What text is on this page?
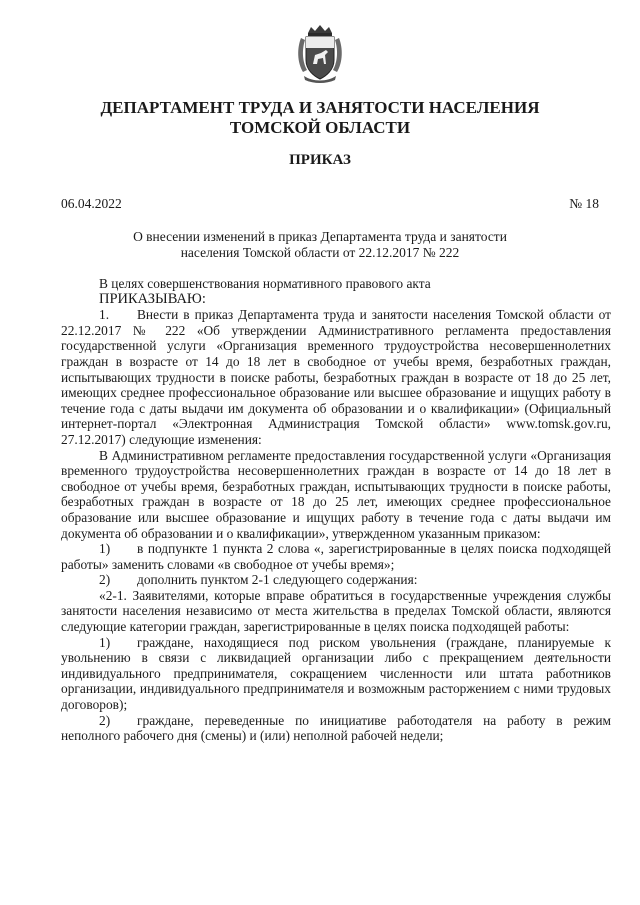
ДЕПАРТАМЕНТ ТРУДА И ЗАНЯТОСТИ НАСЕЛЕНИЯ
ТОМСКОЙ ОБЛАСТИ
ПРИКАЗ
06.04.2022	№ 18
О внесении изменений в приказ Департамента труда и занятости
населения Томской области от 22.12.2017 № 222

В целях совершенствования нормативного правового акта

ПРИКАЗЫВАЮ:

1. Внести в приказ Департамента труда и занятости населения Томской области от 22.12.2017 № 222 «Об утверждении Административного регламента предоставления государственной услуги «Организация временного трудоустройства несовершеннолетних граждан в возрасте от 14 до 18 лет в свободное от учебы время, безработных граждан, испытывающих трудности в поиске работы, безработных граждан в возрасте от 18 до 25 лет, имеющих среднее профессиональное образование или высшее образование и ищущих работу в течение года с даты выдачи им документа об образовании и о квалификации» (Официальный интернет-портал «Электронная Администрация Томской области» www.tomsk.gov.ru, 27.12.2017) следующие изменения:

В Административном регламенте предоставления государственной услуги «Организация временного трудоустройства несовершеннолетних граждан в возрасте от 14 до 18 лет в свободное от учебы время, безработных граждан, испытывающих трудности в поиске работы, безработных граждан в возрасте от 18 до 25 лет, имеющих среднее профессиональное образование или высшее образование и ищущих работу в течение года с даты выдачи им документа об образовании и о квалификации», утвержденном указанным приказом:

1) в подпункте 1 пункта 2 слова «, зарегистрированные в целях поиска подходящей работы» заменить словами «в свободное от учебы время»;

2) дополнить пунктом 2-1 следующего содержания:

«2-1. Заявителями, которые вправе обратиться в государственные учреждения службы занятости населения независимо от места жительства в пределах Томской области, являются следующие категории граждан, зарегистрированные в целях поиска подходящей работы:

1) граждане, находящиеся под риском увольнения (граждане, планируемые к увольнению в связи с ликвидацией организации либо с прекращением деятельности индивидуального предпринимателя, сокращением численности или штата работников организации, индивидуального предпринимателя и возможным расторжением с ними трудовых договоров);

2) граждане, переведенные по инициативе работодателя на работу в режим неполного рабочего дня (смены) и (или) неполной рабочей недели;
